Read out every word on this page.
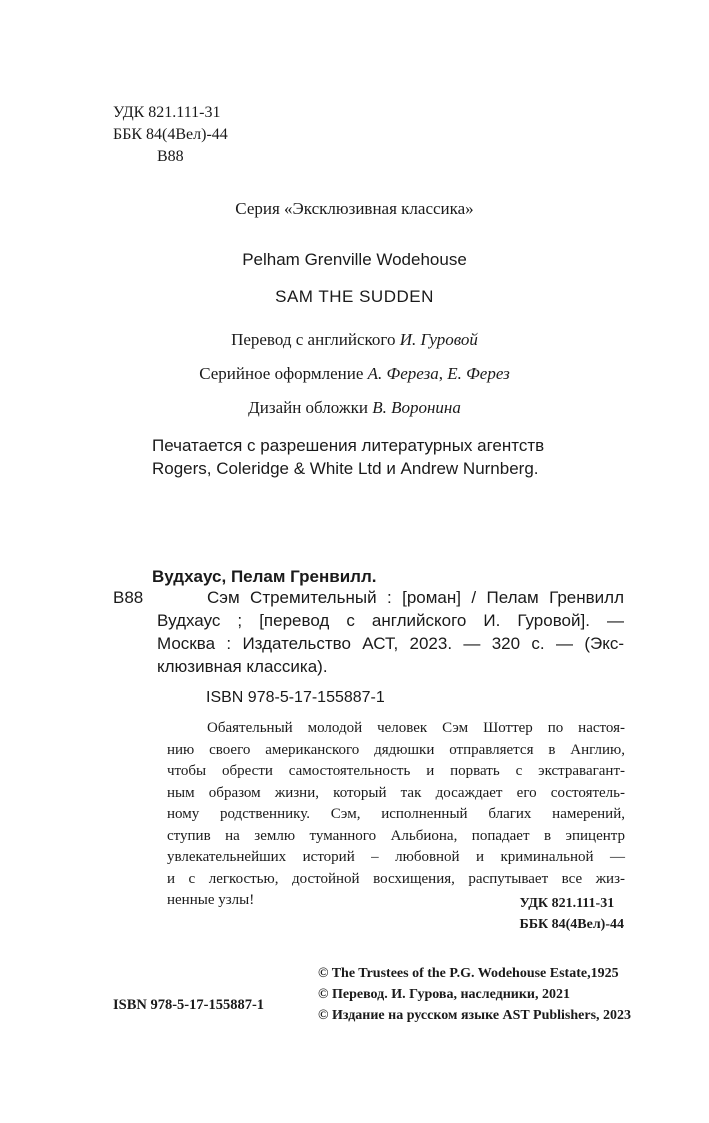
УДК 821.111-31
ББК 84(4Вел)-44
В88
Серия «Эксклюзивная классика»
Pelham Grenville Wodehouse
SAM THE SUDDEN
Перевод с английского И. Гуровой
Серийное оформление А. Фереза, Е. Ферез
Дизайн обложки В. Воронина
Печатается с разрешения литературных агентств
Rogers, Coleridge & White Ltd и Andrew Nurnberg.
Вудхаус, Пелам Гренвилл.
В88	Сэм Стремительный : [роман] / Пелам Гренвилл
Вудхаус ; [перевод с английского И. Гуровой]. —
Москва : Издательство АСТ, 2023. — 320 с. — (Экс-
клюзивная классика).
ISBN 978-5-17-155887-1
Обаятельный молодой человек Сэм Шоттер по настоя-
нию своего американского дядюшки отправляется в Англию,
чтобы обрести самостоятельность и порвать с экстравагант-
ным образом жизни, который так досаждает его состоятель-
ному родственнику. Сэм, исполненный благих намерений,
ступив на землю туманного Альбиона, попадает в эпицентр
увлекательнейших историй – любовной и криминальной —
и с легкостью, достойной восхищения, распутывает все жиз-
ненные узлы!	УДК 821.111-31
ББК 84(4Вел)-44
© The Trustees of the P.G. Wodehouse Estate,1925
© Перевод. И. Гурова, наследники, 2021
© Издание на русском языке AST Publishers, 2023
ISBN 978-5-17-155887-1
